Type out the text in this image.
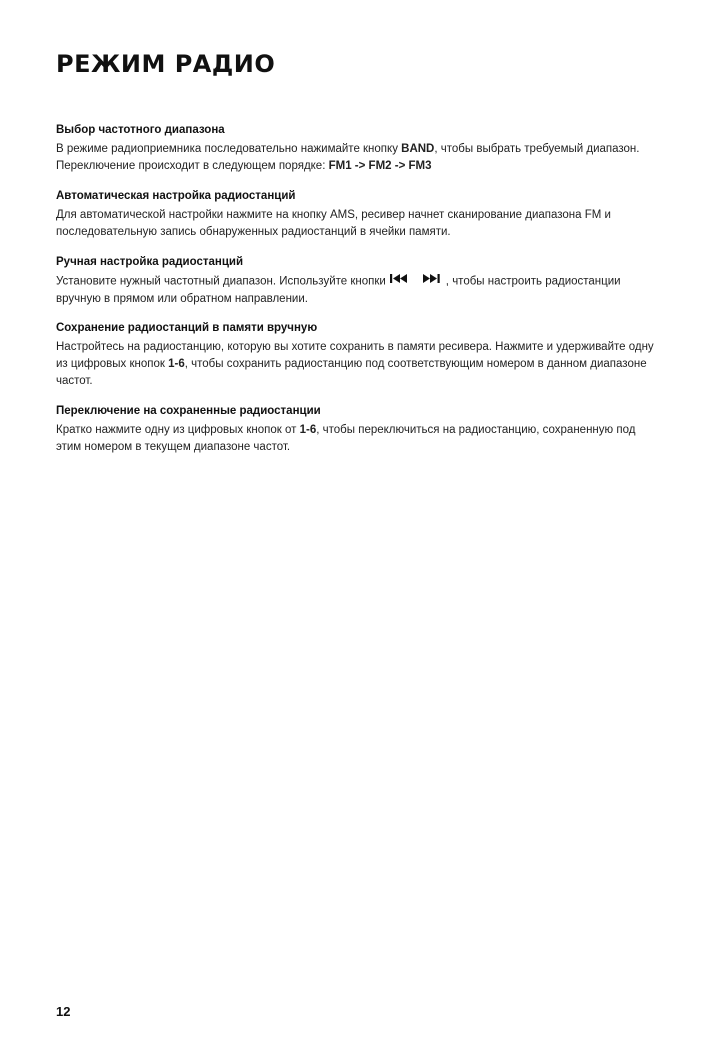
РЕЖИМ РАДИО
Выбор частотного диапазона

В режиме радиоприемника последовательно нажимайте кнопку BAND, чтобы выбрать требуемый диапазон. Переключение происходит в следующем порядке: FM1 -> FM2 -> FM3

Автоматическая настройка радиостанций

Для автоматической настройки нажмите на кнопку AMS, ресивер начнет сканирование диапазона FM и последовательную запись обнаруженных радиостанций в ячейки памяти.

Ручная настройка радиостанций

Установите нужный частотный диапазон. Используйте кнопки	, чтобы настроить радиостанции вручную в прямом или обратном направлении.

Сохранение радиостанций в памяти вручную

Настройтесь на радиостанцию, которую вы хотите сохранить в памяти ресивера. Нажмите и удерживайте одну из цифровых кнопок 1-6, чтобы сохранить радиостанцию под соответствующим номером в данном диапазоне частот.

Переключение на сохраненные радиостанции

Кратко нажмите одну из цифровых кнопок от 1-6, чтобы переключиться на радиостанцию, сохраненную под этим номером в текущем диапазоне частот.

12
